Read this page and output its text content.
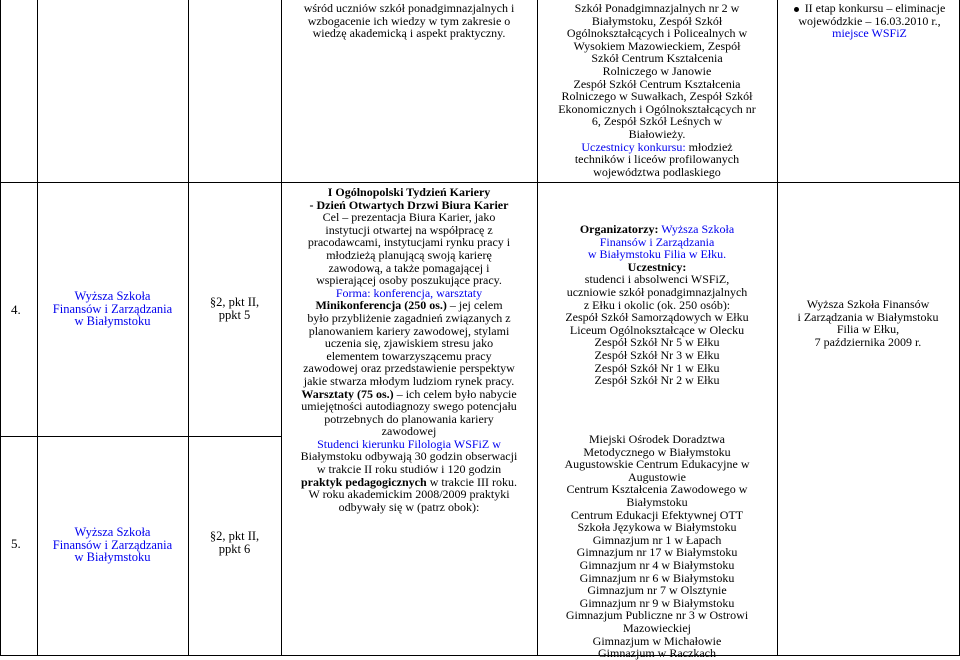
wśród uczniów szkół ponadgimnazjalnych i

wzbogacenie ich wiedzy w tym zakresie o

wiedzę akademicką i aspekt praktyczny.

Szkół Ponadgimnazjalnych nr 2 w

Białymstoku, Zespół Szkół

Ogólnokształcących i Policealnych w

Wysokiem Mazowieckiem, Zespół

Szkół Centrum Kształcenia

Rolniczego w Janowie

Zespół Szkół Centrum Kształcenia

Rolniczego w Suwałkach, Zespół Szkół

Ekonomicznych i Ogólnokształcących nr

6, Zespół Szkół Leśnych w

Białowieży.

Uczestnicy konkursu: młodzież

techników i liceów profilowanych

województwa podlaskiego

II etap konkursu – eliminacje

wojewódzkie – 16.03.2010 r.,

miejsce WSFiZ

4.

Wyższa Szkoła

Finansów i Zarządzania

w Białymstoku

§2, pkt II,

ppkt 5

5.

Wyższa Szkoła

Finansów i Zarządzania

w Białymstoku

§2, pkt II,

ppkt 6

I Ogólnopolski Tydzień Kariery

- Dzień Otwartych Drzwi Biura Karier

Cel – prezentacja Biura Karier, jako

instytucji otwartej na współpracę z

pracodawcami, instytucjami rynku pracy i

młodzieżą planującą swoją karierę

zawodową, a także pomagającej i

wspierającej osoby poszukujące pracy.

Forma: konferencja, warsztaty

Minikonferencja (250 os.) – jej celem

było przybliżenie zagadnień związanych z

planowaniem kariery zawodowej, stylami

uczenia się, zjawiskiem stresu jako

elementem towarzyszącemu pracy

zawodowej oraz przedstawienie perspektyw

jakie stwarza młodym ludziom rynek pracy.

Warsztaty (75 os.) – ich celem było nabycie

umiejętności autodiagnozy swego potencjału

potrzebnych do planowania kariery

zawodowej

Studenci kierunku Filologia WSFiZ w

Białymstoku odbywają 30 godzin obserwacji

w trakcie II roku studiów i 120 godzin

praktyk pedagogicznych w trakcie III roku.

W roku akademickim 2008/2009 praktyki

odbywały się w (patrz obok):

Organizatorzy: Wyższa Szkoła

Finansów i Zarządzania

w Białymstoku Filia w Ełku.

Uczestnicy:

studenci i absolwenci WSFiZ,

uczniowie szkół ponadgimnazjalnych

z Ełku i okolic (ok. 250 osób):

Zespół Szkół Samorządowych w Ełku

Liceum Ogólnokształcące w Olecku

Zespół Szkół Nr 5 w Ełku

Zespół Szkół Nr 3 w Ełku

Zespół Szkół Nr 1 w Ełku

Zespół Szkół Nr 2 w Ełku

Miejski Ośrodek Doradztwa

Metodycznego w Białymstoku

Augustowskie Centrum Edukacyjne w

Augustowie

Centrum Kształcenia Zawodowego w

Białymstoku

Centrum Edukacji Efektywnej OTT

Szkoła Językowa w Białymstoku

Gimnazjum nr 1 w Łapach

Gimnazjum nr 17 w Białymstoku

Gimnazjum nr 4 w Białymstoku

Gimnazjum nr 6 w Białymstoku

Gimnazjum nr 7 w Olsztynie

Gimnazjum nr 9 w Białymstoku

Gimnazjum Publiczne nr 3 w Ostrowi

Mazowieckiej

Gimnazjum w Michałowie

Gimnazjum w Raczkach

Wyższa Szkoła Finansów

i Zarządzania w Białymstoku

Filia w Ełku,

7 października 2009 r.
